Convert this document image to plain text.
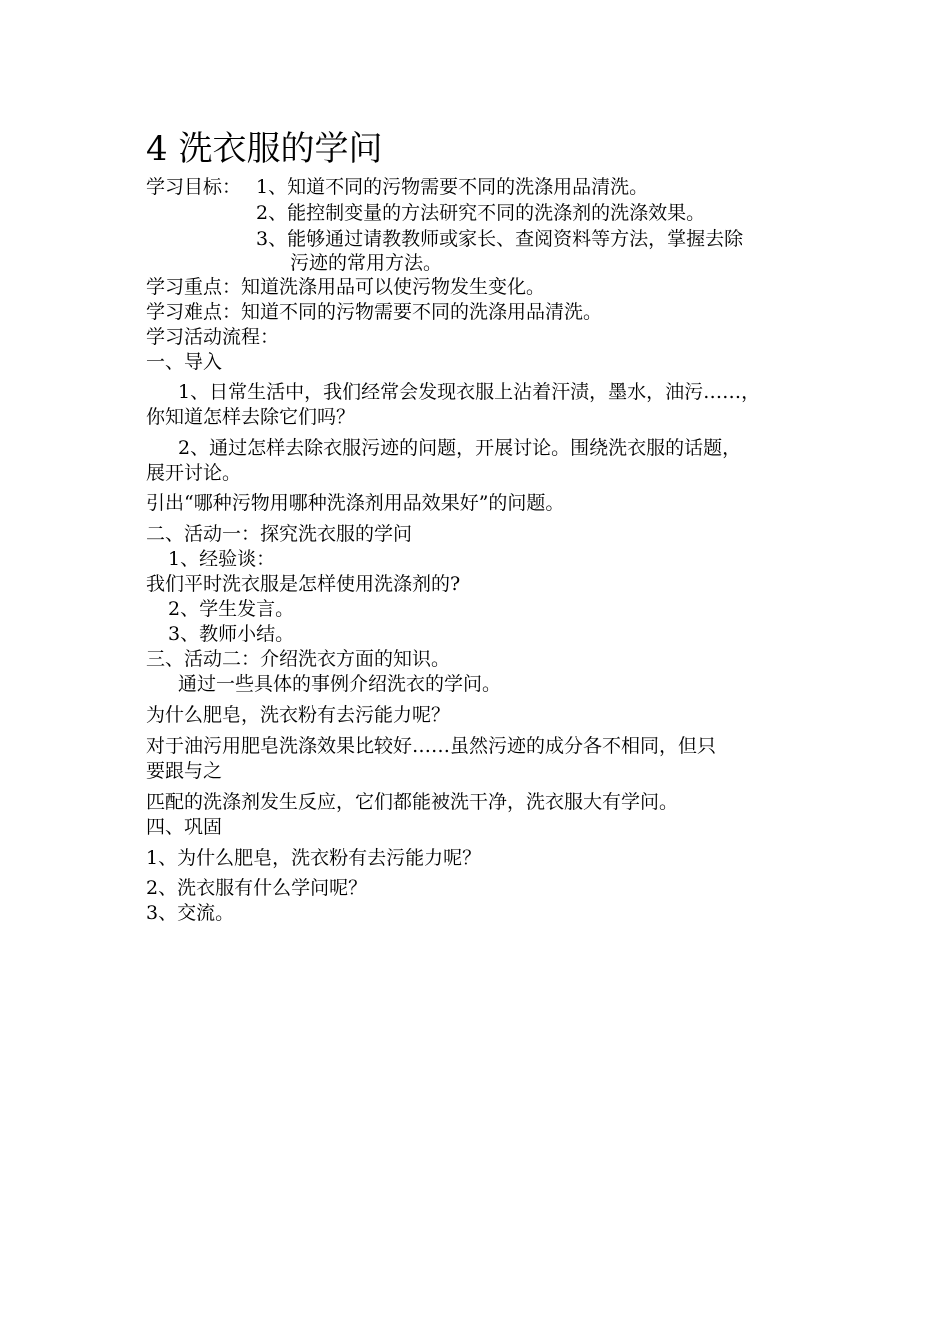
4 洗衣服的学问
学习目标： 1、知道不同的污物需要不同的洗涤用品清洗。
2、能控制变量的方法研究不同的洗涤剂的洗涤效果。
3、能够通过请教教师或家长、查阅资料等方法，掌握去除
污迹的常用方法。
学习重点：知道洗涤用品可以使污物发生变化。
学习难点：知道不同的污物需要不同的洗涤用品清洗。
学习活动流程：
一、导入
1、日常生活中，我们经常会发现衣服上沾着汗渍，墨水，油污……，
你知道怎样去除它们吗？
2、通过怎样去除衣服污迹的问题，开展讨论。围绕洗衣服的话题，
展开讨论。
引出“哪种污物用哪种洗涤剂用品效果好”的问题。
二、活动一：探究洗衣服的学问
1、经验谈：
我们平时洗衣服是怎样使用洗涤剂的?
2、学生发言。
3、教师小结。
三、活动二：介绍洗衣方面的知识。
通过一些具体的事例介绍洗衣的学问。
为什么肥皂，洗衣粉有去污能力呢？
对于油污用肥皂洗涤效果比较好……虽然污迹的成分各不相同，但只
要跟与之
匹配的洗涤剂发生反应，它们都能被洗干净，洗衣服大有学问。
四、巩固
1、为什么肥皂，洗衣粉有去污能力呢？
2、洗衣服有什么学问呢？
3、交流。
